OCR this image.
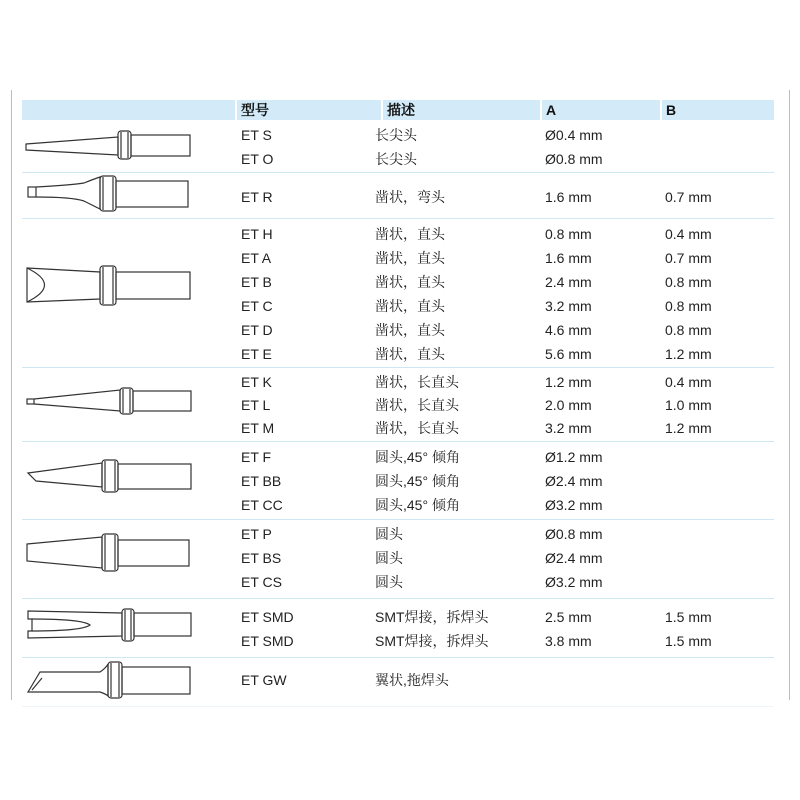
型号	描述	A	B
ET S	长尖头	Ø0.4 mm
ET O	长尖头	Ø0.8 mm
ET R	凿状，弯头	1.6 mm	0.7 mm
ET H	凿状，直头	0.8 mm	0.4 mm
ET A	凿状，直头	1.6 mm	0.7 mm
ET B	凿状，直头	2.4 mm	0.8 mm
ET C	凿状，直头	3.2 mm	0.8 mm
ET D	凿状，直头	4.6 mm	0.8 mm
ET E	凿状，直头	5.6 mm	1.2 mm
ET K	凿状，长直头	1.2 mm	0.4 mm
ET L	凿状，长直头	2.0 mm	1.0 mm
ET M	凿状，长直头	3.2 mm	1.2 mm
ET F	圆头,45° 倾角	Ø1.2 mm
ET BB	圆头,45° 倾角	Ø2.4 mm
ET CC	圆头,45° 倾角	Ø3.2 mm
ET P	圆头	Ø0.8 mm
ET BS	圆头	Ø2.4 mm
ET CS	圆头	Ø3.2 mm
ET SMD	SMT焊接，拆焊头	2.5 mm	1.5 mm
ET SMD	SMT焊接，拆焊头	3.8 mm	1.5 mm
ET GW	翼状,拖焊头
